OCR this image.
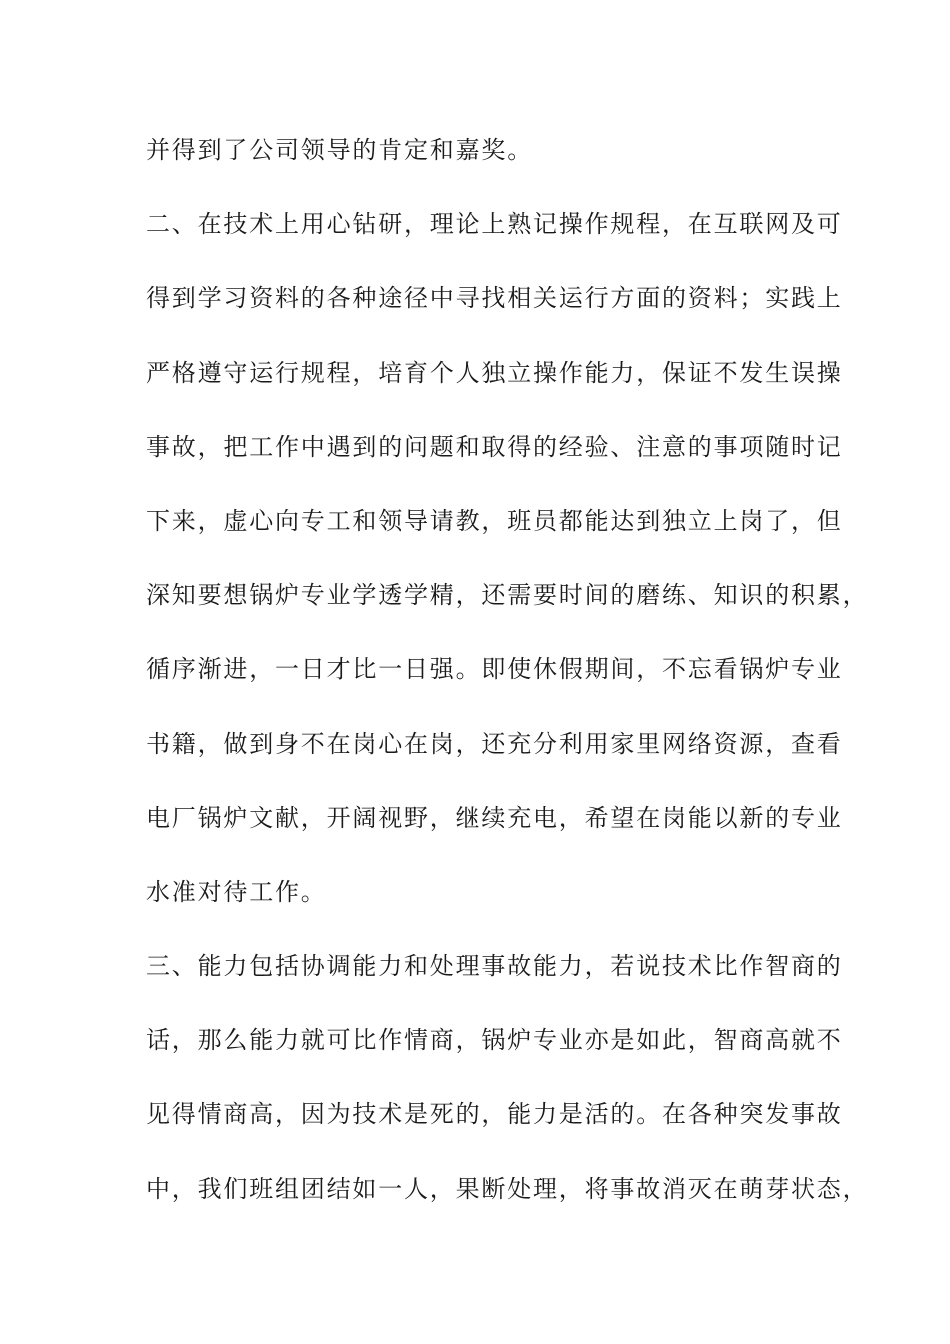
并得到了公司领导的肯定和嘉奖。
二、在技术上用心钻研，理论上熟记操作规程，在互联网及可
得到学习资料的各种途径中寻找相关运行方面的资料；实践上
严格遵守运行规程，培育个人独立操作能力，保证不发生误操
事故，把工作中遇到的问题和取得的经验、注意的事项随时记
下来，虚心向专工和领导请教，班员都能达到独立上岗了，但
深知要想锅炉专业学透学精，还需要时间的磨练、知识的积累，
循序渐进，一日才比一日强。即使休假期间，不忘看锅炉专业
书籍，做到身不在岗心在岗，还充分利用家里网络资源，查看
电厂锅炉文献，开阔视野，继续充电，希望在岗能以新的专业
水准对待工作。
三、能力包括协调能力和处理事故能力，若说技术比作智商的
话，那么能力就可比作情商，锅炉专业亦是如此，智商高就不
见得情商高，因为技术是死的，能力是活的。在各种突发事故
中，我们班组团结如一人，果断处理，将事故消灭在萌芽状态，
